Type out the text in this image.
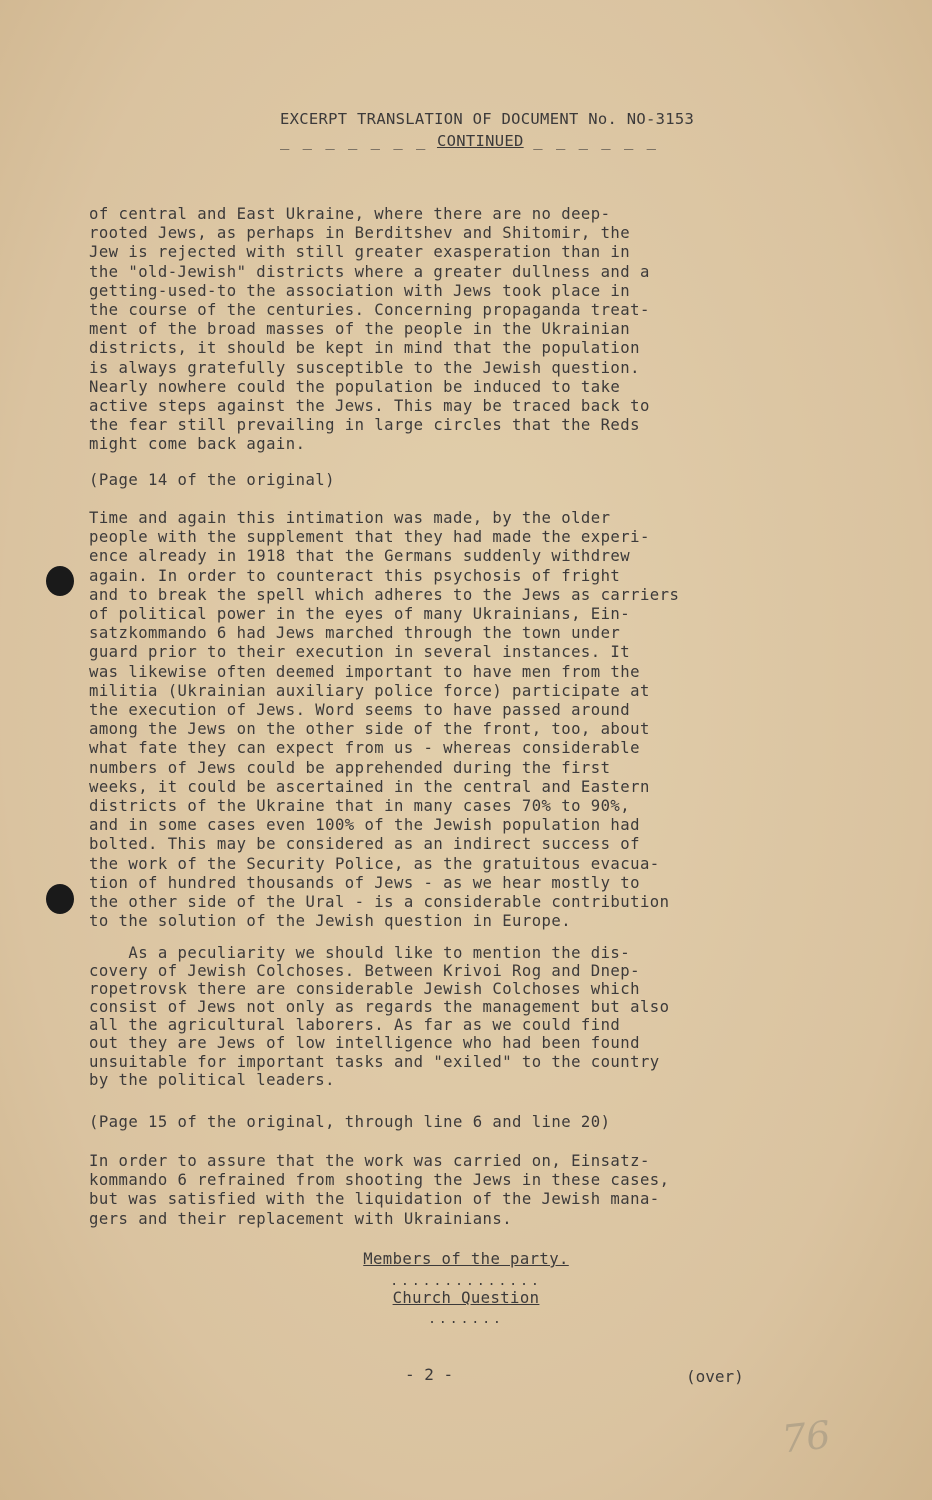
EXCERPT TRANSLATION OF DOCUMENT No. NO-3153
_ _ _ _ _ _ _ CONTINUED _ _ _ _ _ _
of central and East Ukraine, where there are no deep-
rooted Jews, as perhaps in Berditshev and Shitomir, the
Jew is rejected with still greater exasperation than in
the "old-Jewish" districts where a greater dullness and a
getting-used-to the association with Jews took place in
the course of the centuries. Concerning propaganda treat-
ment of the broad masses of the people in the Ukrainian
districts, it should be kept in mind that the population
is always gratefully susceptible to the Jewish question.
Nearly nowhere could the population be induced to take
active steps against the Jews. This may be traced back to
the fear still prevailing in large circles that the Reds
might come back again.
(Page 14 of the original)
Time and again this intimation was made, by the older
people with the supplement that they had made the experi-
ence already in 1918 that the Germans suddenly withdrew
again. In order to counteract this psychosis of fright
and to break the spell which adheres to the Jews as carriers
of political power in the eyes of many Ukrainians, Ein-
satzkommando 6 had Jews marched through the town under
guard prior to their execution in several instances. It
was likewise often deemed important to have men from the
militia (Ukrainian auxiliary police force) participate at
the execution of Jews. Word seems to have passed around
among the Jews on the other side of the front, too, about
what fate they can expect from us - whereas considerable
numbers of Jews could be apprehended during the first
weeks, it could be ascertained in the central and Eastern
districts of the Ukraine that in many cases 70% to 90%,
and in some cases even 100% of the Jewish population had
bolted. This may be considered as an indirect success of
the work of the Security Police, as the gratuitous evacua-
tion of hundred thousands of Jews - as we hear mostly to
the other side of the Ural - is a considerable contribution
to the solution of the Jewish question in Europe.
As a peculiarity we should like to mention the dis-
covery of Jewish Colchoses. Between Krivoi Rog and Dnep-
ropetrovsk there are considerable Jewish Colchoses which
consist of Jews not only as regards the management but also
all the agricultural laborers. As far as we could find
out they are Jews of low intelligence who had been found
unsuitable for important tasks and "exiled" to the country
by the political leaders.
(Page 15 of the original, through line 6 and line 20)
In order to assure that the work was carried on, Einsatz-
kommando 6 refrained from shooting the Jews in these cases,
but was satisfied with the liquidation of the Jewish mana-
gers and their replacement with Ukrainians.
Members of the party.
..............
Church Question
.......
- 2 -	(over)
76
